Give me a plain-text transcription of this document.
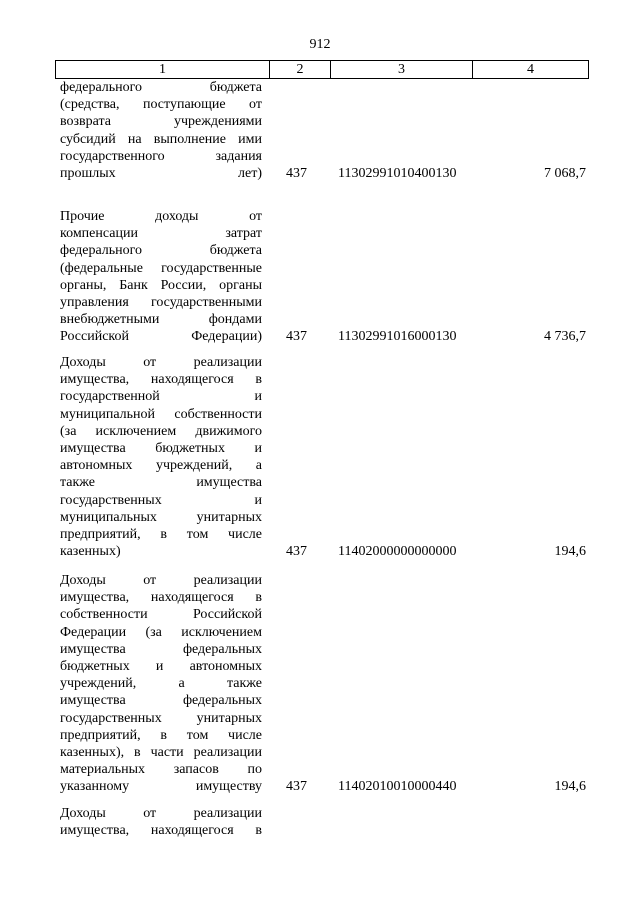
912
1	2	3	4
федерального бюджета
(средства, поступающие от
возврата учреждениями
субсидий на выполнение ими
государственного задания
прошлых лет) 437	11302991010400130	7 068,7
Прочие доходы от
компенсации затрат
федерального бюджета
(федеральные государственные
органы, Банк России, органы
управления государственными
внебюджетными фондами
Российской Федерации) 437	11302991016000130	4 736,7
Доходы от реализации
имущества, находящегося в
государственной и
муниципальной собственности
(за исключением движимого
имущества бюджетных и
автономных учреждений, а
также имущества
государственных и
муниципальных унитарных
предприятий, в том числе
казенных)	437	11402000000000000	194,6
Доходы от реализации
имущества, находящегося в
собственности Российской
Федерации (за исключением
имущества федеральных
бюджетных и автономных
учреждений, а также
имущества федеральных
государственных унитарных
предприятий, в том числе
казенных), в части реализации
материальных запасов по
указанному имуществу 437	11402010010000440	194,6
Доходы от реализации
имущества, находящегося в
